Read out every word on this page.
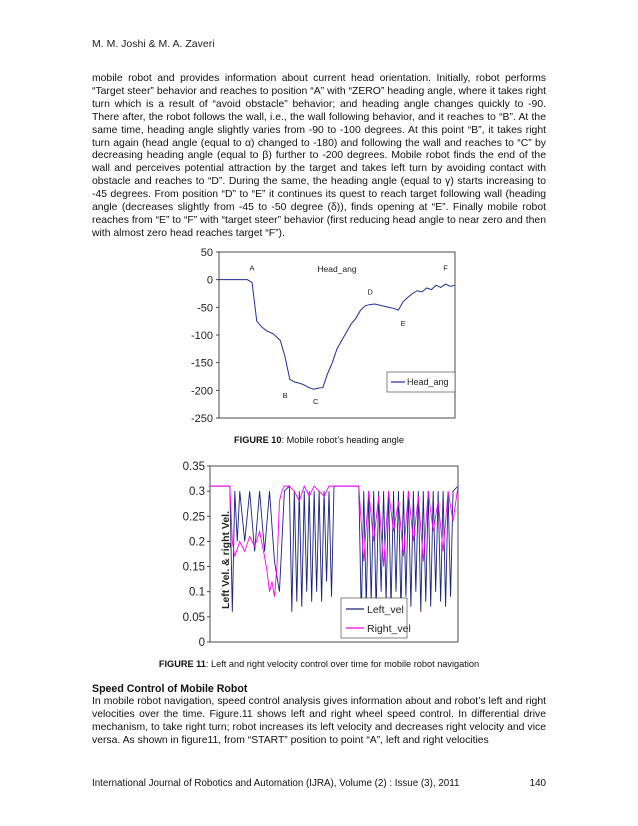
M. M. Joshi & M. A. Zaveri

mobile robot and provides information about current head orientation. Initially, robot performs “Target steer” behavior and reaches to position “A” with “ZERO” heading angle, where it takes right turn which is a result of “avoid obstacle” behavior; and heading angle changes quickly to -90. There after, the robot follows the wall, i.e., the wall following behavior, and it reaches to “B”. At the same time, heading angle slightly varies from -90 to -100 degrees. At this point “B”, it takes right turn again (head angle (equal to α) changed to -180) and following the wall and reaches to “C” by decreasing heading angle (equal to β) further to -200 degrees. Mobile robot finds the end of the wall and perceives potential attraction by the target and takes left turn by avoiding contact with obstacle and reaches to “D”. During the same, the heading angle (equal to γ) starts increasing to -45 degrees. From position “D” to “E” it continues its quest to reach target following wall (heading angle (decreases slightly from -45 to -50 degree (δ)), finds opening at “E”. Finally mobile robot reaches from “E” to “F” with “target steer” behavior (first reducing head angle to near zero and then with almost zero head reaches target “F”).

50
0
-50
-100
-150
-200
-250
Head_ang
A
B
C
D
E
F
Head_ang
0.35
0.3
0.25
0.2
0.15
0.1
0.05
0
Left Vel. & right Vel.
Left_vel
Right_vel
FIGURE 10: Mobile robot’s heading angle
FIGURE 11: Left and right velocity control over time for mobile robot navigation
Speed Control of Mobile Robot

In mobile robot navigation, speed control analysis gives information about and robot’s left and right velocities over the time. Figure.11 shows left and right wheel speed control. In differential drive mechanism, to take right turn; robot increases its left velocity and decreases right velocity and vice versa. As shown in figure11, from “START” position to point “A”, left and right velocities

International Journal of Robotics and Automation (IJRA), Volume (2) : Issue (3), 2011	140
